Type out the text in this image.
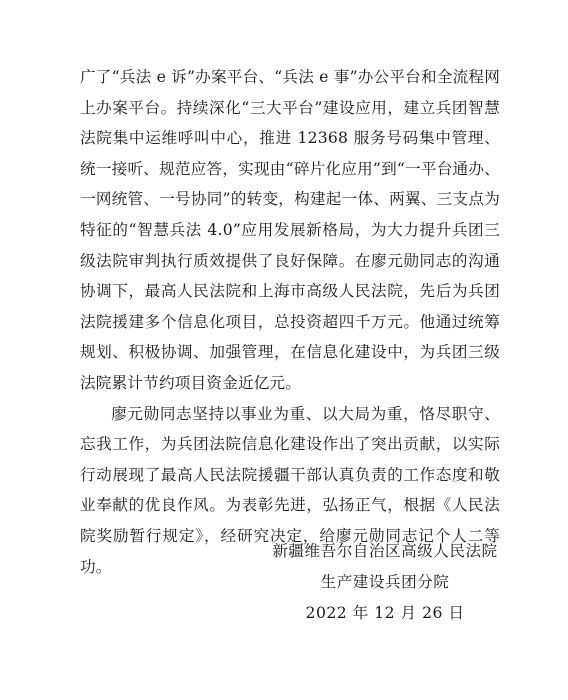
广了“兵法 e 诉”办案平台、“兵法 e 事”办公平台和全流程网上办案平台。持续深化“三大平台”建设应用，建立兵团智慧法院集中运维呼叫中心，推进 12368 服务号码集中管理、统一接听、规范应答，实现由“碎片化应用”到“一平台通办、一网统管、一号协同”的转变，构建起一体、两翼、三支点为特征的“智慧兵法 4.0”应用发展新格局，为大力提升兵团三级法院审判执行质效提供了良好保障。在廖元勋同志的沟通协调下，最高人民法院和上海市高级人民法院，先后为兵团法院援建多个信息化项目，总投资超四千万元。他通过统筹规划、积极协调、加强管理，在信息化建设中，为兵团三级法院累计节约项目资金近亿元。

廖元勋同志坚持以事业为重、以大局为重，恪尽职守、忘我工作，为兵团法院信息化建设作出了突出贡献，以实际行动展现了最高人民法院援疆干部认真负责的工作态度和敬业奉献的优良作风。为表彰先进，弘扬正气，根据《人民法院奖励暂行规定》，经研究决定，给廖元勋同志记个人二等功。

新疆维吾尔自治区高级人民法院
生产建设兵团分院
2022 年 12 月 26 日
